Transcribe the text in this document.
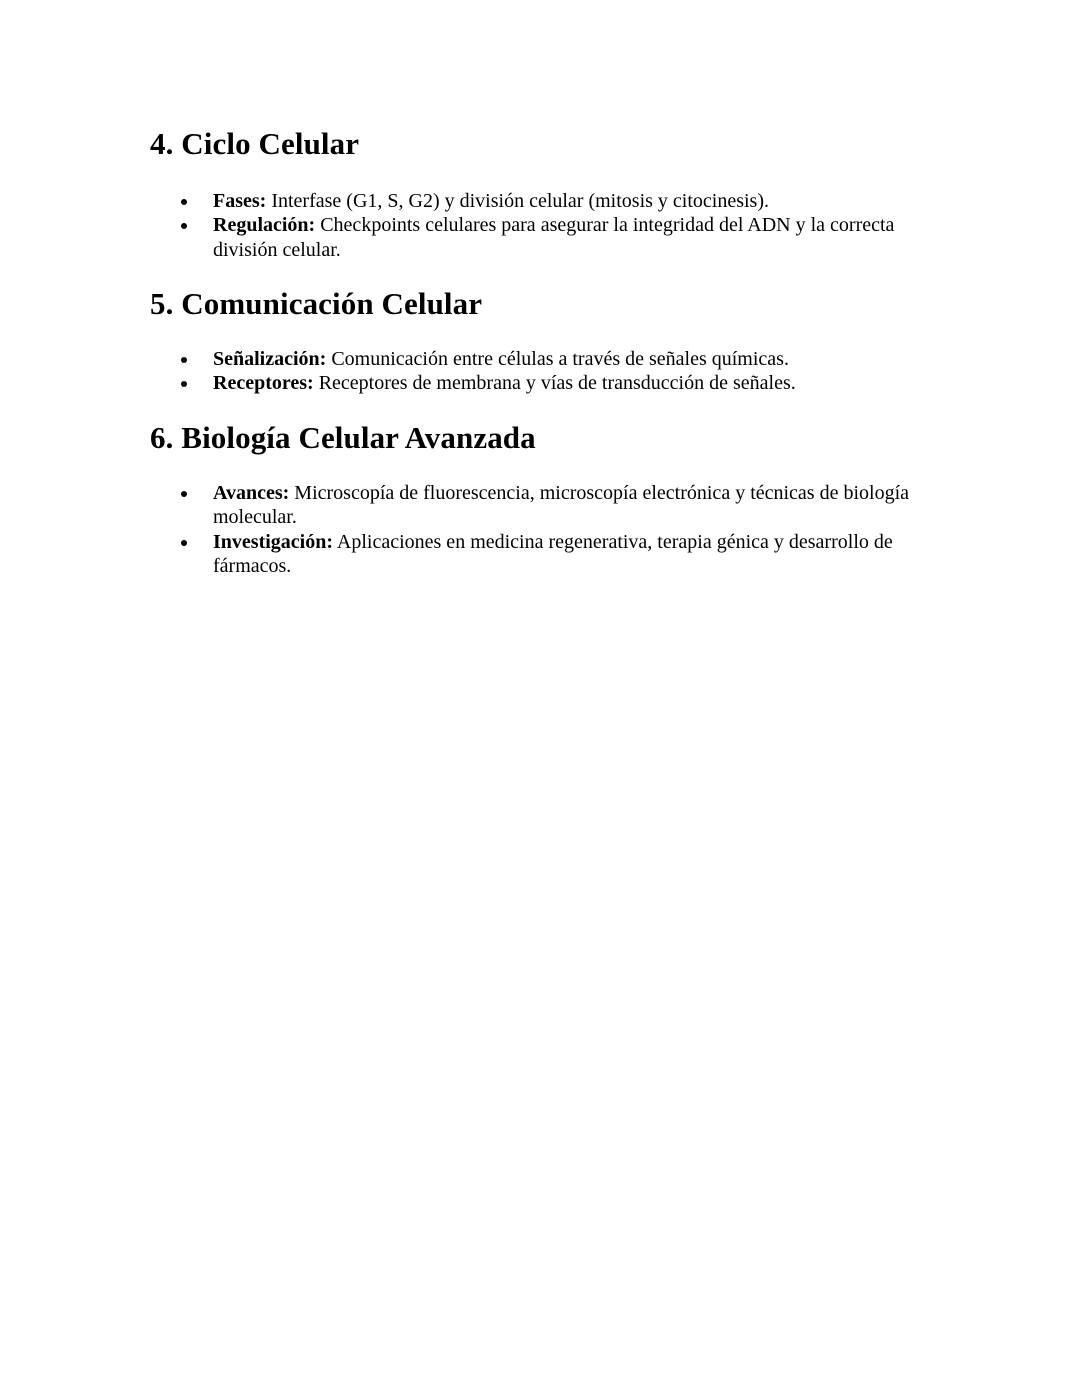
4. Ciclo Celular
Fases: Interfase (G1, S, G2) y división celular (mitosis y citocinesis).
Regulación: Checkpoints celulares para asegurar la integridad del ADN y la correcta división celular.
5. Comunicación Celular
Señalización: Comunicación entre células a través de señales químicas.
Receptores: Receptores de membrana y vías de transducción de señales.
6. Biología Celular Avanzada
Avances: Microscopía de fluorescencia, microscopía electrónica y técnicas de biología molecular.
Investigación: Aplicaciones en medicina regenerativa, terapia génica y desarrollo de fármacos.
